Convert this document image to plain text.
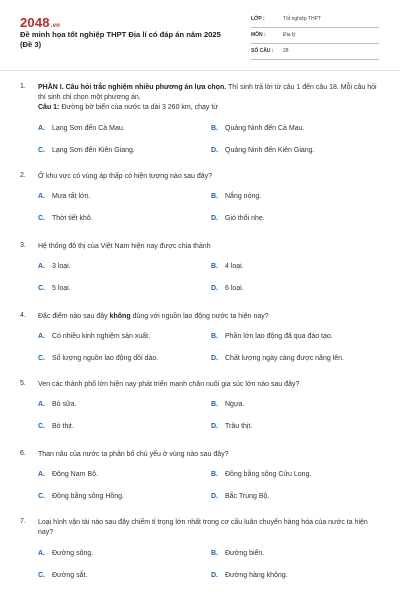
2048.vn
Đề minh họa tốt nghiệp THPT Địa lí có đáp án năm 2025
(Đề 3)
LỚP :	Tốt nghiệp THPT
MÔN :	Địa lý
SỐ CÂU : 28
1. PHẦN I. Câu hỏi trắc nghiệm nhiều phương án lựa chọn. Thí sinh trả lời từ câu 1 đến câu 18. Mỗi câu hỏi thí sinh chỉ chọn một phương án.
Câu 1: Đường bờ biển của nước ta dài 3 260 km, chạy từ
A. Lạng Sơn đến Cà Mau.	B. Quảng Ninh đến Cà Mau.
C. Lạng Sơn đến Kiên Giang.	D. Quảng Ninh đến Kiên Giang.
2. Ở khu vực có vùng áp thấp có hiện tượng nào sau đây?
A. Mưa rất lớn.	B. Nắng nóng.
C. Thời tiết khô.	D. Gió thổi nhẹ.
3. Hệ thống đô thị của Việt Nam hiện nay được chia thành
A. 3 loại.	B. 4 loại.
C. 5 loại.	D. 6 loại.
4. Đặc điểm nào sau đây không đúng với nguồn lao động nước ta hiện nay?
A. Có nhiều kinh nghiệm sản xuất.	B. Phần lớn lao động đã qua đào tạo.
C. Số lượng nguồn lao động dồi dào.	D. Chất lượng ngày càng được nâng lên.
5. Ven các thành phố lớn hiện nay phát triển mạnh chăn nuôi gia súc lớn nào sau đây?
A. Bò sữa.	B. Ngựa.
C. Bò thịt.	D. Trâu thịt.
6. Than nâu của nước ta phân bố chủ yếu ở vùng nào sau đây?
A. Đông Nam Bộ.	B. Đồng bằng sông Cửu Long.
C. Đồng bằng sông Hồng.	D. Bắc Trung Bộ.
7. Loại hình vận tải nào sau đây chiếm tỉ trọng lớn nhất trong cơ cấu luân chuyển hàng hóa của nước ta hiện nay?
A. Đường sông.	B. Đường biển.
C. Đường sắt.	D. Đường hàng không.
